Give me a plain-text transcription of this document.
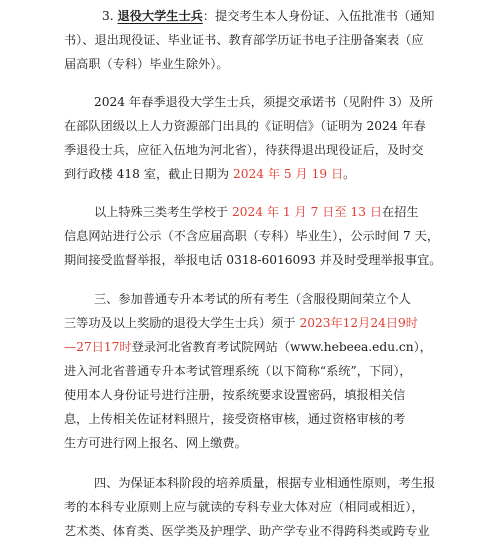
3. 退役大学生士兵：提交考生本人身份证、入伍批准书（通知
书）、退出现役证、毕业证书、教育部学历证书电子注册备案表（应
届高职（专科）毕业生除外）。
2024 年春季退役大学生士兵，须提交承诺书（见附件 3）及所
在部队团级以上人力资源部门出具的《证明信》（证明为 2024 年春
季退役士兵，应征入伍地为河北省），待获得退出现役证后，及时交
到行政楼 418 室，截止日期为 2024 年 5 月 19 日。
以上特殊三类考生学校于 2024 年 1 月 7 日至 13 日在招生
信息网站进行公示（不含应届高职（专科）毕业生），公示时间 7 天，
期间接受监督举报，举报电话 0318-6016093 并及时受理举报事宜。
三、参加普通专升本考试的所有考生（含服役期间荣立个人
三等功及以上奖励的退役大学生士兵）须于 2023年12月24日9时
—27日17时登录河北省教育考试院网站（www.hebeea.edu.cn），
进入河北省普通专升本考试管理系统（以下简称“系统”，下同），
使用本人身份证号进行注册，按系统要求设置密码，填报相关信
息，上传相关佐证材料照片，接受资格审核，通过资格审核的考
生方可进行网上报名、网上缴费。
四、为保证本科阶段的培养质量，根据专业相通性原则，考生报
考的本科专业原则上应与就读的专科专业大体对应（相同或相近），
艺术类、体育类、医学类及护理学、助产学专业不得跨科类或跨专业
